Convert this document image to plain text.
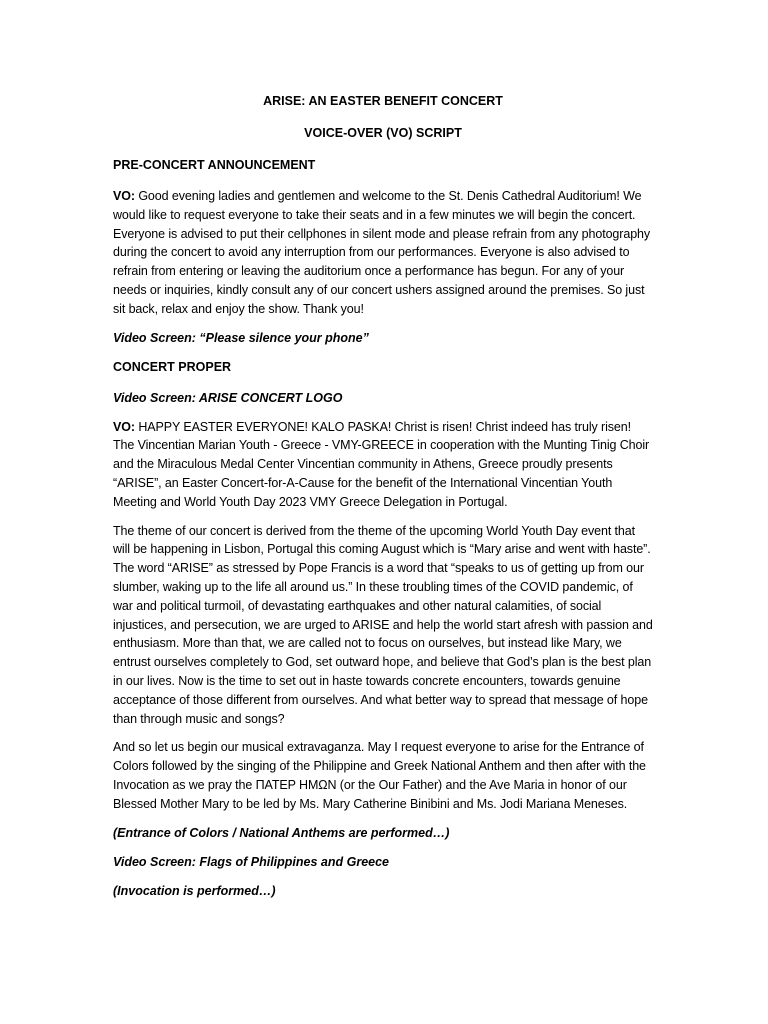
ARISE: AN EASTER BENEFIT CONCERT

VOICE-OVER (VO) SCRIPT

PRE-CONCERT ANNOUNCEMENT

VO: Good evening ladies and gentlemen and welcome to the St. Denis Cathedral Auditorium! We would like to request everyone to take their seats and in a few minutes we will begin the concert. Everyone is advised to put their cellphones in silent mode and please refrain from any photography during the concert to avoid any interruption from our performances. Everyone is also advised to refrain from entering or leaving the auditorium once a performance has begun. For any of your needs or inquiries, kindly consult any of our concert ushers assigned around the premises. So just sit back, relax and enjoy the show. Thank you!

Video Screen: “Please silence your phone”

CONCERT PROPER

Video Screen: ARISE CONCERT LOGO

VO: HAPPY EASTER EVERYONE! KALO PASKA! Christ is risen! Christ indeed has truly risen! The Vincentian Marian Youth - Greece - VMY-GREECE in cooperation with the Munting Tinig Choir and the Miraculous Medal Center Vincentian community in Athens, Greece proudly presents “ARISE”, an Easter Concert-for-A-Cause for the benefit of the International Vincentian Youth Meeting and World Youth Day 2023 VMY Greece Delegation in Portugal.

The theme of our concert is derived from the theme of the upcoming World Youth Day event that will be happening in Lisbon, Portugal this coming August which is “Mary arise and went with haste”. The word “ARISE” as stressed by Pope Francis is a word that “speaks to us of getting up from our slumber, waking up to the life all around us.” In these troubling times of the COVID pandemic, of war and political turmoil, of devastating earthquakes and other natural calamities, of social injustices, and persecution, we are urged to ARISE and help the world start afresh with passion and enthusiasm. More than that, we are called not to focus on ourselves, but instead like Mary, we entrust ourselves completely to God, set outward hope, and believe that God’s plan is the best plan in our lives. Now is the time to set out in haste towards concrete encounters, towards genuine acceptance of those different from ourselves. And what better way to spread that message of hope than through music and songs?

And so let us begin our musical extravaganza. May I request everyone to arise for the Entrance of Colors followed by the singing of the Philippine and Greek National Anthem and then after with the Invocation as we pray the ΠΑΤΕΡ ΗΜΩΝ (or the Our Father) and the Ave Maria in honor of our Blessed Mother Mary to be led by Ms. Mary Catherine Binibini and Ms. Jodi Mariana Meneses.

(Entrance of Colors / National Anthems are performed…)

Video Screen: Flags of Philippines and Greece

(Invocation is performed…)
